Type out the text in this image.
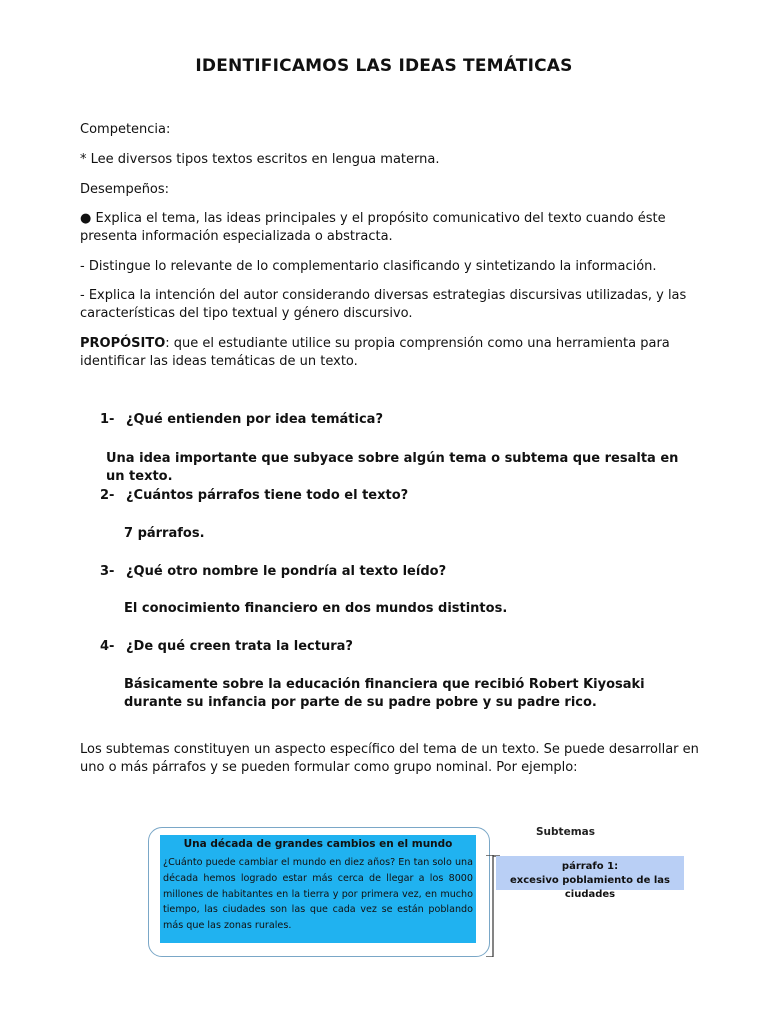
IDENTIFICAMOS LAS IDEAS TEMÁTICAS
Competencia:
* Lee diversos tipos textos escritos en lengua materna.
Desempeños:
● Explica el tema, las ideas principales y el propósito comunicativo del texto cuando éste presenta información especializada o abstracta.
- Distingue lo relevante de lo complementario clasificando y sintetizando la información.
- Explica la intención del autor considerando diversas estrategias discursivas utilizadas, y las características del tipo textual y género discursivo.
PROPÓSITO: que el estudiante utilice su propia comprensión como una herramienta para identificar las ideas temáticas de un texto.
1- ¿Qué entienden por idea temática?
Una idea importante que subyace sobre algún tema o subtema que resalta en un texto.
2- ¿Cuántos párrafos tiene todo el texto?
7 párrafos.
3- ¿Qué otro nombre le pondría al texto leído?
El conocimiento financiero en dos mundos distintos.
4- ¿De qué creen trata la lectura?
Básicamente sobre la educación financiera que recibió Robert Kiyosaki durante su infancia por parte de su padre pobre y su padre rico.
Los subtemas constituyen un aspecto específico del tema de un texto. Se puede desarrollar en uno o más párrafos y se pueden formular como grupo nominal. Por ejemplo:
Una década de grandes cambios en el mundo
¿Cuánto puede cambiar el mundo en diez años? En tan solo una década hemos logrado estar más cerca de llegar a los 8000 millones de habitantes en la tierra y por primera vez, en mucho tiempo, las ciudades son las que cada vez se están poblando más que las zonas rurales.
Subtemas
párrafo 1:
excesivo poblamiento de las ciudades
